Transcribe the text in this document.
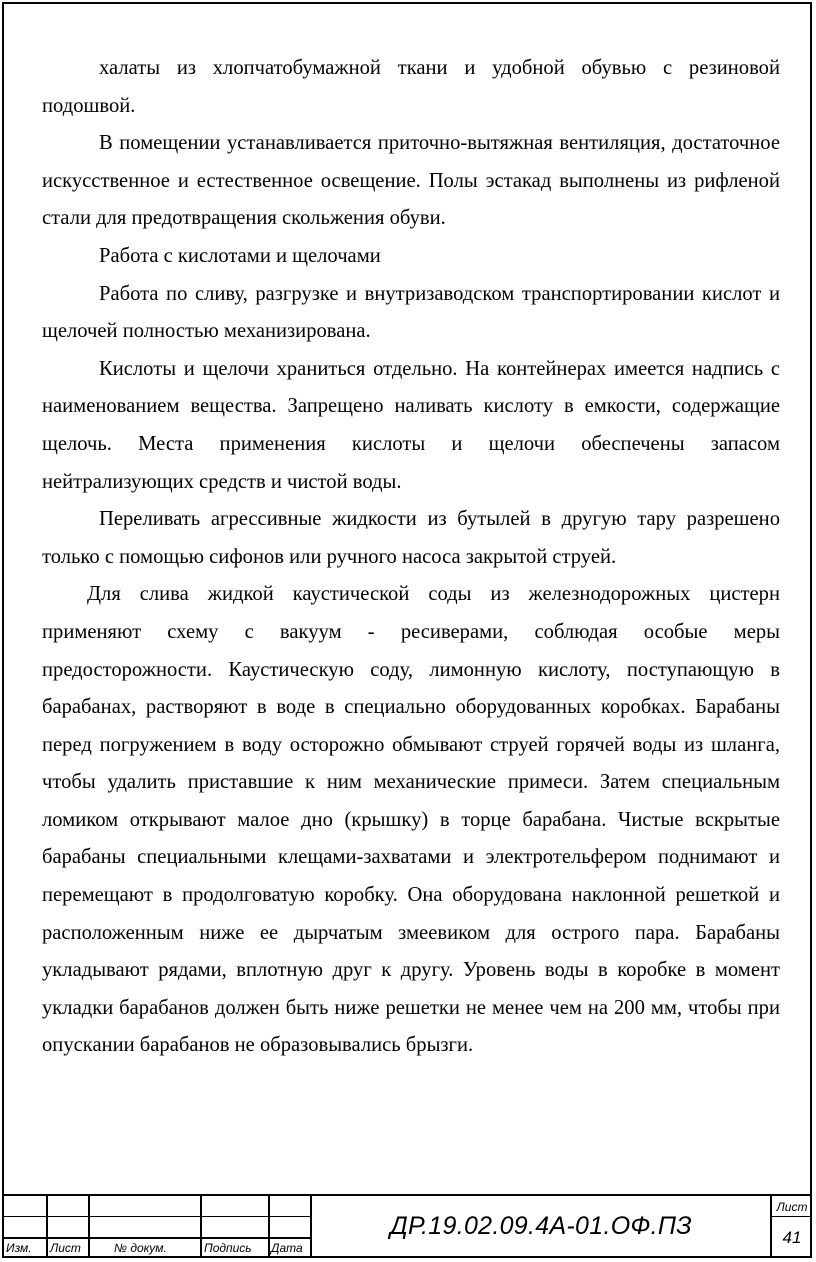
халаты из хлопчатобумажной ткани и удобной обувью с резиновой подошвой.

В помещении устанавливается приточно-вытяжная вентиляция, достаточное искусственное и естественное освещение. Полы эстакад выполнены из рифленой стали для предотвращения скольжения обуви.

Работа с кислотами и щелочами

Работа по сливу, разгрузке и внутризаводском транспортировании кислот и щелочей полностью механизирована.

Кислоты и щелочи храниться отдельно. На контейнерах имеется надпись с наименованием вещества. Запрещено наливать кислоту в емкости, содержащие щелочь. Места применения кислоты и щелочи обеспечены запасом нейтрализующих средств и чистой воды.

Переливать агрессивные жидкости из бутылей в другую тару разрешено только с помощью сифонов или ручного насоса закрытой струей.

Для слива жидкой каустической соды из железнодорожных цистерн применяют схему с вакуум - ресиверами, соблюдая особые меры предосторожности. Каустическую соду, лимонную кислоту, поступающую в барабанах, растворяют в воде в специально оборудованных коробках. Барабаны перед погружением в воду осторожно обмывают струей горячей воды из шланга, чтобы удалить приставшие к ним механические примеси. Затем специальным ломиком открывают малое дно (крышку) в торце барабана. Чистые вскрытые барабаны специальными клещами-захватами и электротельфером поднимают и перемещают в продолговатую коробку. Она оборудована наклонной решеткой и расположенным ниже ее дырчатым змеевиком для острого пара. Барабаны укладывают рядами, вплотную друг к другу. Уровень воды в коробке в момент укладки барабанов должен быть ниже решетки не менее чем на 200 мм, чтобы при опускании барабанов не образовывались брызги.

Изм. Лист	№ докум.	Подпись Дата
ДР.19.02.09.4А-01.ОФ.ПЗ
Лист
41
